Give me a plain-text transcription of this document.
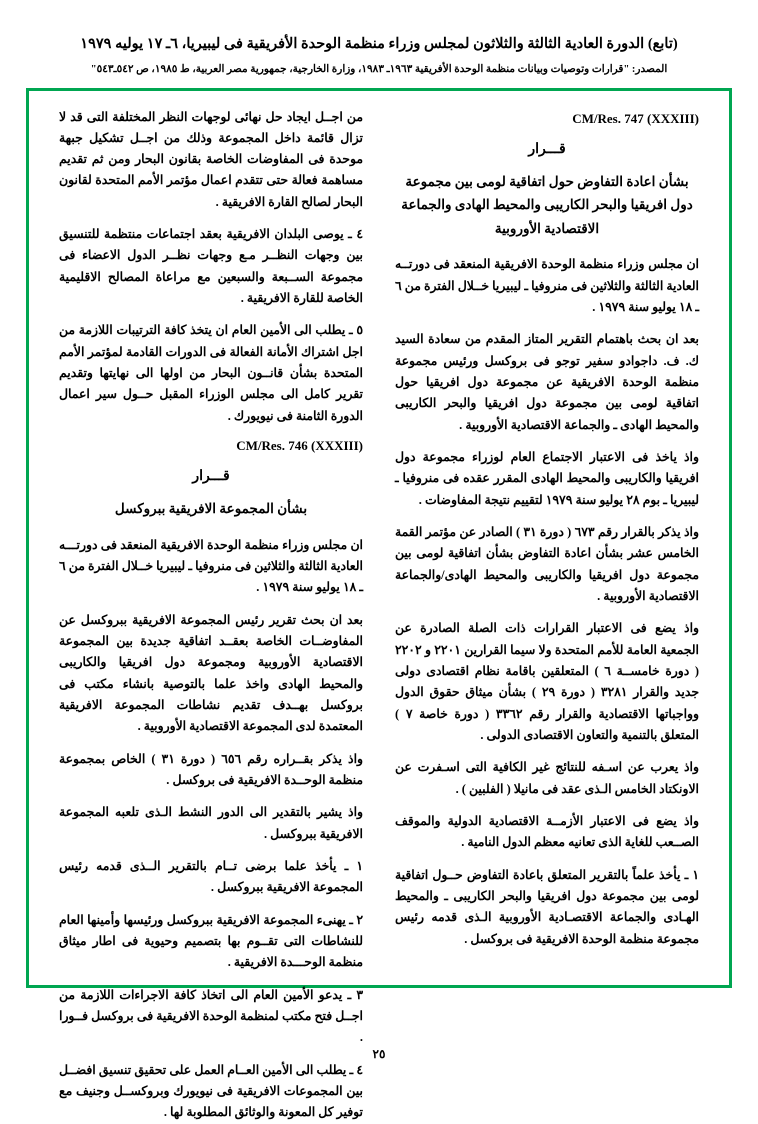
(تابع) الدورة العادية الثالثة والثلاثون لمجلس وزراء منظمة الوحدة الأفريقية فى ليبيريا، ٦ـ ١٧ يوليه ١٩٧٩
المصدر: "قرارات وتوصيات وبيانات منظمة الوحدة الأفريقية ١٩٦٣ـ ١٩٨٣، وزارة الخارجية، جمهورية مصر العربية، ط ١٩٨٥، ص ٥٤٢ـ٥٤٣"
CM/Res. 747 (XXXIII)
قـــرار
بشأن اعادة التفاوض حول اتفاقية لومى بين مجموعة دول افريقيا والبحر الكاريبى والمحيط الهادى والجماعة الاقتصادية الأوروبية

ان مجلس وزراء منظمة الوحدة الافريقية المنعقد فى دورتــه العادية الثالثة والثلاثين فى منروفيا ـ ليبيريا خــلال الفترة من ٦ ـ ١٨ يوليو سنة ١٩٧٩ .

بعد ان بحث باهتمام التقرير المتاز المقدم من سعادة السيد ك. ف. داجوادو سفير توجو فى بروكسل ورئيس مجموعة منظمة الوحدة الافريقية عن مجموعة دول افريقيا حول اتفاقية لومى بين مجموعة دول افريقيا والبحر الكاريبى والمحيط الهادى ـ والجماعة الاقتصادية الأوروبية .

واذ ياخذ فى الاعتبار الاجتماع العام لوزراء مجموعة دول افريقيا والكاريبى والمحيط الهادى المقرر عقده فى منروفيا ـ ليبيريا ـ بوم ٢٨ يوليو سنة ١٩٧٩ لتقييم نتيجة المفاوضات .

واذ يذكر بالقرار رقم ٦٧٣ ( دورة ٣١ ) الصادر عن مؤتمر القمة الخامس عشر بشأن اعادة التفاوض بشأن اتفاقية لومى بين مجموعة دول افريقيا والكاريبى والمحيط الهادى/والجماعة الاقتصادية الأوروبية .

واذ يضع فى الاعتبار القرارات ذات الصلة الصادرة عن الجمعية العامة للأمم المتحدة ولا سيما القرارين ٢٢٠١ و ٢٢٠٢ ( دورة خامســة ٦ ) المتعلقين باقامة نظام اقتصادى دولى جديد والقرار ٣٢٨١ ( دورة ٢٩ ) بشأن ميثاق حقوق الدول وواجباتها الاقتصادية والقرار رقم ٣٣٦٢ ( دورة خاصة ٧ ) المتعلق بالتنمية والتعاون الاقتصادى الدولى .

واذ يعرب عن اسـفه للنتائج غير الكافية التى اسـفرت عن الاونكتاد الخامس الـذى عقد فى مانيلا ( الفلبين ) .

واذ يضع فى الاعتبار الأزمــة الاقتصادية الدولية والموقف الصــعب للغاية الذى تعانيه معظم الدول النامية .

١ ـ يأخذ علماً بالتقرير المتعلق باعادة التفاوض حــول اتفاقية لومى بين مجموعة دول افريقيا والبحر الكاريبى ـ والمحيط الهـادى والجماعة الاقتصـادية الأوروبية الـذى قدمه رئيس مجموعة منظمة الوحدة الافريقية فى بروكسل .

من اجــل ايجاد حل نهائى لوجهات النظر المختلفة التى قد لا تزال قائمة داخل المجموعة وذلك من اجــل تشكيل جبهة موحدة فى المفاوضات الخاصة بقانون البحار ومن ثم تقديم مساهمة فعالة حتى تتقدم اعمال مؤتمر الأمم المتحدة لقانون البحار لصالح القارة الافريقية .

٤ ـ يوصى البلدان الافريقية بعقد اجتماعات منتظمة للتنسيق بين وجهات النظــر مـع وجهات نظــر الدول الاعضاء فى مجموعة الســبعة والسبعين مع مراعاة المصالح الاقليمية الخاصة للقارة الافريقية .

٥ ـ يطلب الى الأمين العام ان يتخذ كافة الترتيبات اللازمة من اجل اشتراك الأمانة الفعالة فى الدورات القادمة لمؤتمر الأمم المتحدة بشأن قانــون البحار من اولها الى نهايتها وتقديم تقرير كامل الى مجلس الوزراء المقبل حــول سير اعمال الدورة الثامنة فى نيويورك .

CM/Res. 746 (XXXIII)
قـــرار
بشأن المجموعة الافريقية ببروكسل

ان مجلس وزراء منظمة الوحدة الافريقية المنعقد فى دورتـــه العادية الثالثة والثلاثين فى منروفيا ـ ليبيريا خــلال الفترة من ٦ ـ ١٨ يوليو سنة ١٩٧٩ .

بعد ان بحث تقرير رئيس المجموعة الافريقية ببروكسل عن المفاوضــات الخاصة بعقــد اتفاقية جديدة بين المجموعة الاقتصادية الأوروبية ومجموعة دول افريقيا والكاريبى والمحيط الهادى واخذ علما بالتوصية بانشاء مكتب فى بروكسل بهــدف تقديم نشاطات المجموعة الافريقية المعتمدة لدى المجموعة الاقتصادية الأوروبية .

واذ يذكر بقــراره رقم ٦٥٦ ( دورة ٣١ ) الخاص بمجموعة منظمة الوحــدة الافريقية فى بروكسل .

واذ يشير بالتقدير الى الدور النشط الـذى تلعبه المجموعة الافريقية ببروكسل .

١ ـ يأخذ علما برضى تــام بالتقرير الــذى قدمه رئيس المجموعة الافريقية ببروكسل .

٢ ـ يهنىء المجموعة الافريقية ببروكسل ورئيسها وأمينها العام للنشاطات التى تقــوم بها بتصميم وحيوية فى اطار ميثاق منظمة الوحـــدة الافريقية .

٣ ـ يدعو الأمين العام الى اتخاذ كافة الاجراءات اللازمة من اجــل فتح مكتب لمنظمة الوحدة الافريقية فى بروكسل فــورا .

٤ ـ يطلب الى الأمين العــام العمل على تحقيق تنسيق افضــل بين المجموعات الافريقية فى نيويورك وبروكســل وجنيف مع توفير كل المعونة والوثائق المطلوبة لها .

٢٥
